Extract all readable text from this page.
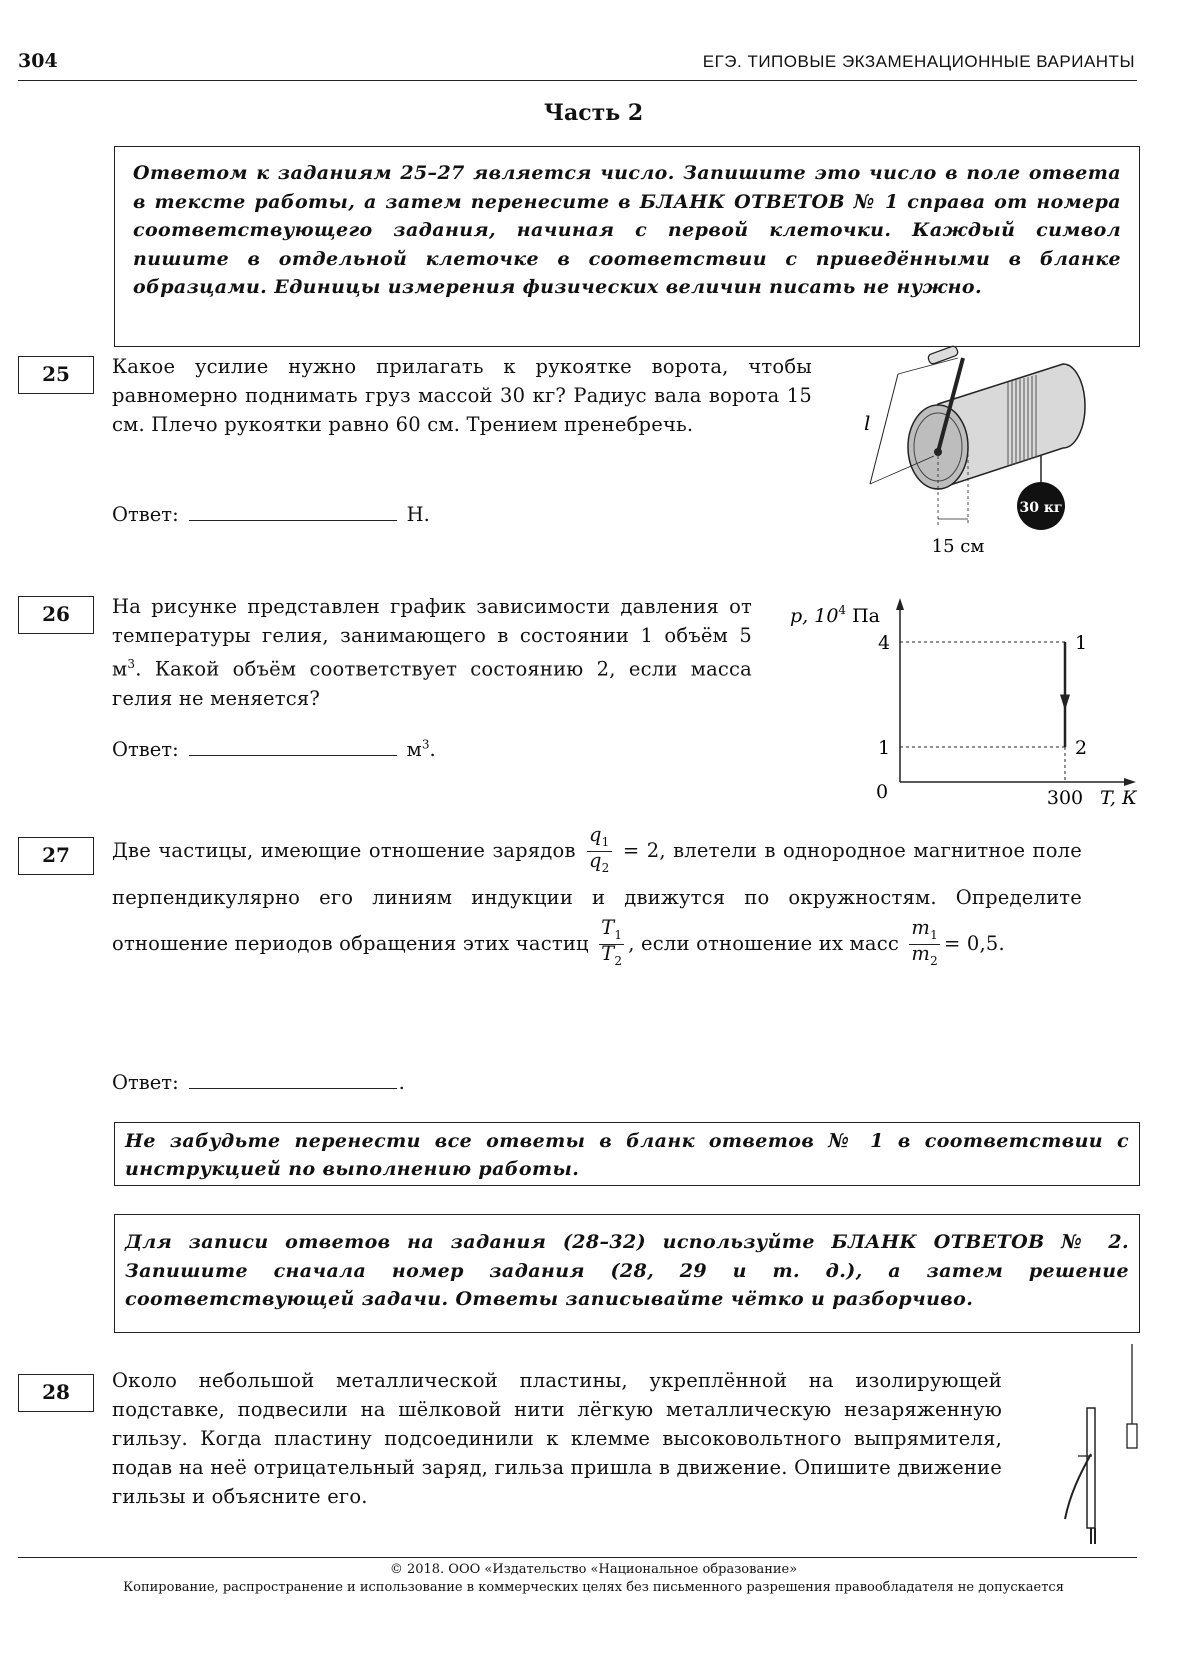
304	ЕГЭ. ТИПОВЫЕ ЭКЗАМЕНАЦИОННЫЕ ВАРИАНТЫ
Часть 2
Ответом к заданиям 25–27 является число. Запишите это число в поле ответа в тексте работы, а затем перенесите в БЛАНК ОТВЕТОВ № 1 справа от номера соответствующего задания, начиная с первой клеточки. Каждый символ пишите в отдельной клеточке в соответствии с приведёнными в бланке образцами. Единицы измерения физических величин писать не нужно.
25	Какое усилие нужно прилагать к рукоятке ворота, чтобы равномерно поднимать груз массой 30 кг? Радиус вала ворота 15 см. Плечо рукоятки равно 60 см. Трением пренебречь.
Ответ:	Н.
l
30 кг
15 см
26	На рисунке представлен график зависимости давления от температуры гелия, занимающего в состоянии 1 объём 5 $м^3$. Какой объём соответствует состоянию 2, если масса гелия не меняется?
Ответ:	$м^3$.
p, $10^4$ Па
T, К
0
4
1
300
1
2
27	Две частицы, имеющие отношение зарядов $\frac{q_1}{q_2} = 2$, влетели в однородное магнитное поле перпендикулярно его линиям индукции и движутся по окружностям. Определите отношение периодов обращения этих частиц $\frac{T_1}{T_2}$ , если отношение их масс $\frac{m_1}{m_2} = 0,5$.
Ответ:	.
Не забудьте перенести все ответы в бланк ответов № 1 в соответствии с инструкцией по выполнению работы.
Для записи ответов на задания (28–32) используйте БЛАНК ОТВЕТОВ № 2. Запишите сначала номер задания (28, 29 и т. д.), а затем решение соответствующей задачи. Ответы записывайте чётко и разборчиво.
28	Около небольшой металлической пластины, укреплённой на изолирующей подставке, подвесили на шёлковой нити лёгкую металлическую незаряженную гильзу. Когда пластину подсоединили к клемме высоковольтного выпрямителя, подав на неё отрицательный заряд, гильза пришла в движение. Опишите движение гильзы и объясните его.
© 2018. ООО «Издательство «Национальное образование»
Копирование, распространение и использование в коммерческих целях без письменного разрешения правообладателя не допускается
